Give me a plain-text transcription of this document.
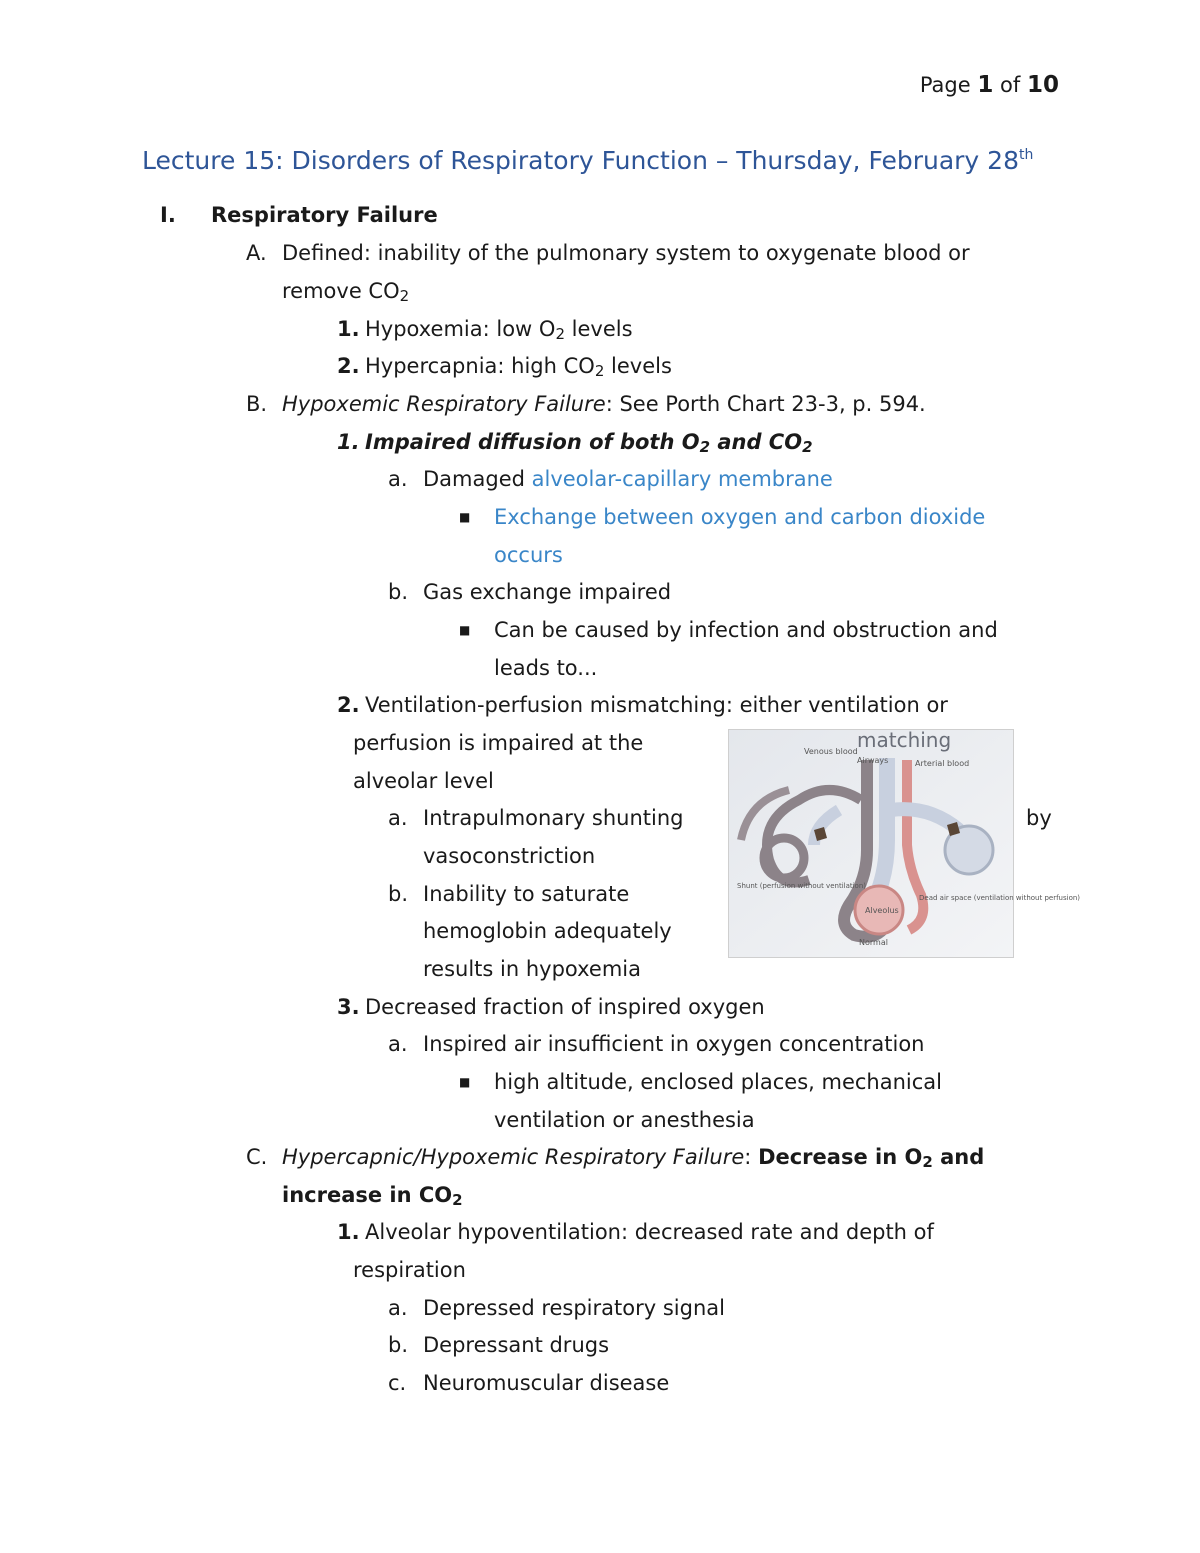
Page 1 of 10
Lecture 15: Disorders of Respiratory Function – Thursday, February 28th
I. Respiratory Failure
A. Defined: inability of the pulmonary system to oxygenate blood or
remove $CO_2$
1. Hypoxemia: low $O_2$ levels
2. Hypercapnia: high $CO_2$ levels
B. Hypoxemic Respiratory Failure: See Porth Chart 23-3, p. 594.
1. Impaired diffusion of both $O_2$ and $CO_2$
a. Damaged alveolar-capillary membrane
■ Exchange between oxygen and carbon dioxide
occurs
b. Gas exchange impaired
■ Can be caused by infection and obstruction and
leads to...
2. Ventilation-perfusion mismatching: either ventilation or
perfusion is impaired at the
alveolar level
a. Intrapulmonary shunting	by
vasoconstriction
b. Inability to saturate
hemoglobin adequately
results in hypoxemia
matching
Venous blood
Airways	Arterial blood
Shunt (perfusion without ventilation)
Alveolus
Dead air space (ventilation without perfusion)
Normal
3. Decreased fraction of inspired oxygen
a. Inspired air insufficient in oxygen concentration
■ high altitude, enclosed places, mechanical
ventilation or anesthesia
C. Hypercapnic/Hypoxemic Respiratory Failure: Decrease in $O_2$ and
increase in $CO_2$
1. Alveolar hypoventilation: decreased rate and depth of
respiration
a. Depressed respiratory signal
b. Depressant drugs
c. Neuromuscular disease
